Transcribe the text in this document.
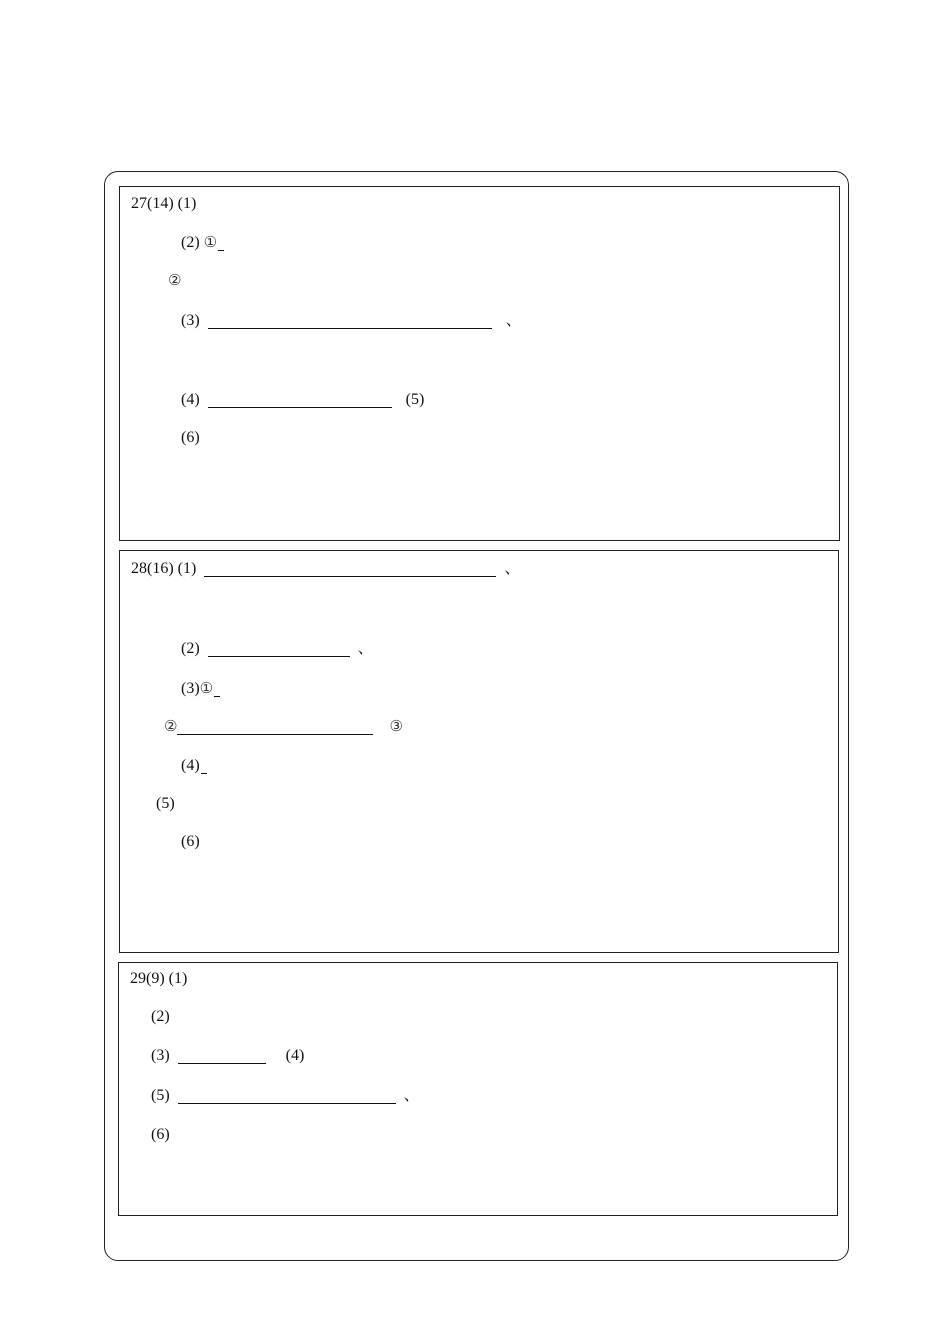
27(14) (1)
(2) ①
②
(3)	、
(4)	(5)
(6)
28(16) (1)	、
(2)	、
(3)①
②	③
(4)
(5)
(6)
29(9) (1)
(2)
(3)	(4)
(5)	、
(6)
